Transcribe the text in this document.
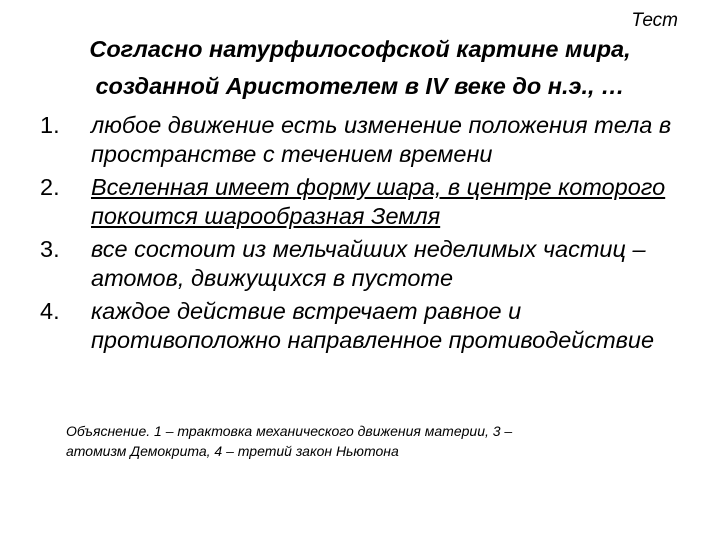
Тест
Согласно натурфилософской картине мира,
созданной Аристотелем в IV веке до н.э., …
1. любое движение есть изменение положения тела в пространстве с течением времени
2. Вселенная имеет форму шара, в центре которого покоится шарообразная Земля
3. все состоит из мельчайших неделимых частиц – атомов, движущихся в пустоте
4. каждое действие встречает равное и противоположно направленное противодействие
Объяснение. 1 – трактовка механического движения материи, 3 –
атомизм Демокрита, 4 – третий закон Ньютона
